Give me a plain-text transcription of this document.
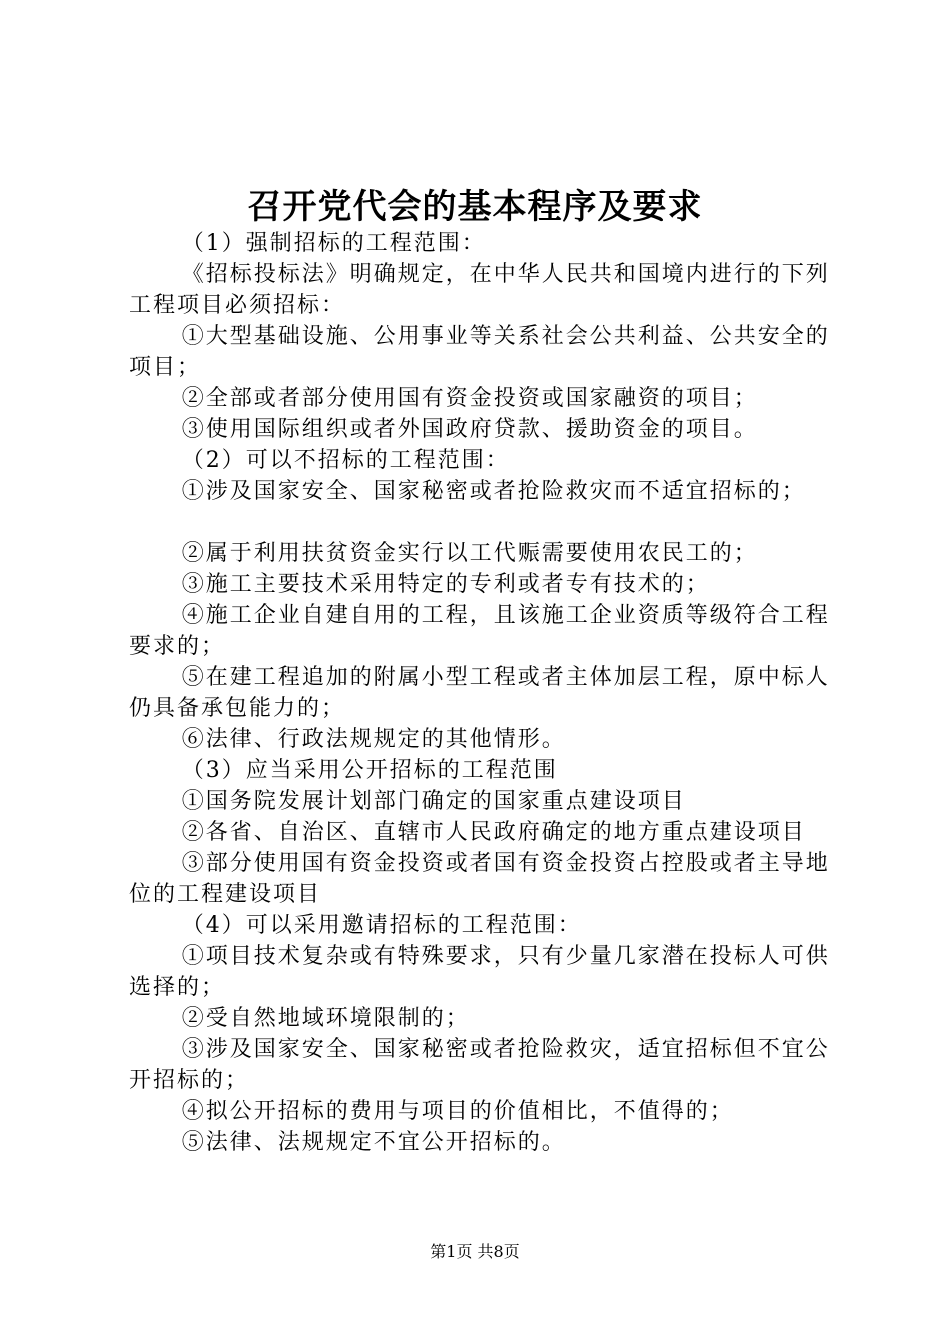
召开党代会的基本程序及要求

（1）强制招标的工程范围：

《招标投标法》明确规定，在中华人民共和国境内进行的下列工程项目必须招标：

①大型基础设施、公用事业等关系社会公共利益、公共安全的项目；

②全部或者部分使用国有资金投资或国家融资的项目；

③使用国际组织或者外国政府贷款、援助资金的项目。

（2）可以不招标的工程范围：

①涉及国家安全、国家秘密或者抢险救灾而不适宜招标的；

②属于利用扶贫资金实行以工代赈需要使用农民工的；

③施工主要技术采用特定的专利或者专有技术的；

④施工企业自建自用的工程，且该施工企业资质等级符合工程要求的；

⑤在建工程追加的附属小型工程或者主体加层工程，原中标人仍具备承包能力的；

⑥法律、行政法规规定的其他情形。

（3）应当采用公开招标的工程范围

①国务院发展计划部门确定的国家重点建设项目

②各省、自治区、直辖市人民政府确定的地方重点建设项目

③部分使用国有资金投资或者国有资金投资占控股或者主导地位的工程建设项目

（4）可以采用邀请招标的工程范围：

①项目技术复杂或有特殊要求，只有少量几家潜在投标人可供选择的；

②受自然地域环境限制的；

③涉及国家安全、国家秘密或者抢险救灾，适宜招标但不宜公开招标的；

④拟公开招标的费用与项目的价值相比，不值得的；

⑤法律、法规规定不宜公开招标的。

第1页 共8页
